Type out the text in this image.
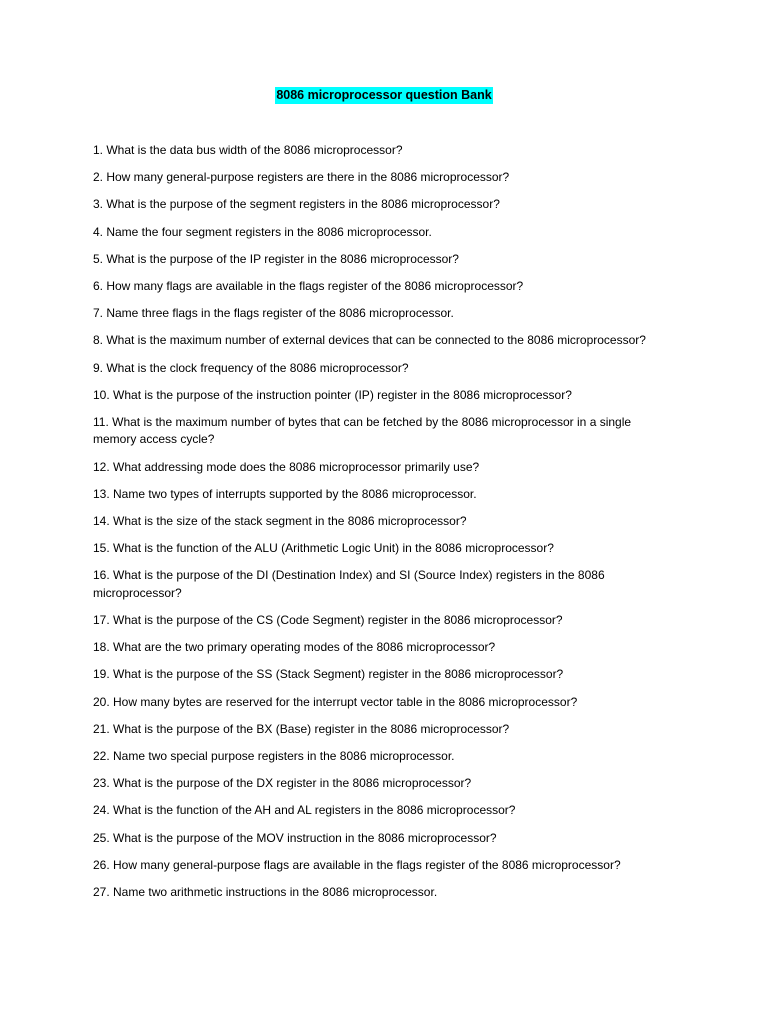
8086 microprocessor question Bank
1. What is the data bus width of the 8086 microprocessor?
2. How many general-purpose registers are there in the 8086 microprocessor?
3. What is the purpose of the segment registers in the 8086 microprocessor?
4. Name the four segment registers in the 8086 microprocessor.
5. What is the purpose of the IP register in the 8086 microprocessor?
6. How many flags are available in the flags register of the 8086 microprocessor?
7. Name three flags in the flags register of the 8086 microprocessor.
8. What is the maximum number of external devices that can be connected to the 8086 microprocessor?
9. What is the clock frequency of the 8086 microprocessor?
10. What is the purpose of the instruction pointer (IP) register in the 8086 microprocessor?
11. What is the maximum number of bytes that can be fetched by the 8086 microprocessor in a single memory access cycle?
12. What addressing mode does the 8086 microprocessor primarily use?
13. Name two types of interrupts supported by the 8086 microprocessor.
14. What is the size of the stack segment in the 8086 microprocessor?
15. What is the function of the ALU (Arithmetic Logic Unit) in the 8086 microprocessor?
16. What is the purpose of the DI (Destination Index) and SI (Source Index) registers in the 8086 microprocessor?
17. What is the purpose of the CS (Code Segment) register in the 8086 microprocessor?
18. What are the two primary operating modes of the 8086 microprocessor?
19. What is the purpose of the SS (Stack Segment) register in the 8086 microprocessor?
20. How many bytes are reserved for the interrupt vector table in the 8086 microprocessor?
21. What is the purpose of the BX (Base) register in the 8086 microprocessor?
22. Name two special purpose registers in the 8086 microprocessor.
23. What is the purpose of the DX register in the 8086 microprocessor?
24. What is the function of the AH and AL registers in the 8086 microprocessor?
25. What is the purpose of the MOV instruction in the 8086 microprocessor?
26. How many general-purpose flags are available in the flags register of the 8086 microprocessor?
27. Name two arithmetic instructions in the 8086 microprocessor.
